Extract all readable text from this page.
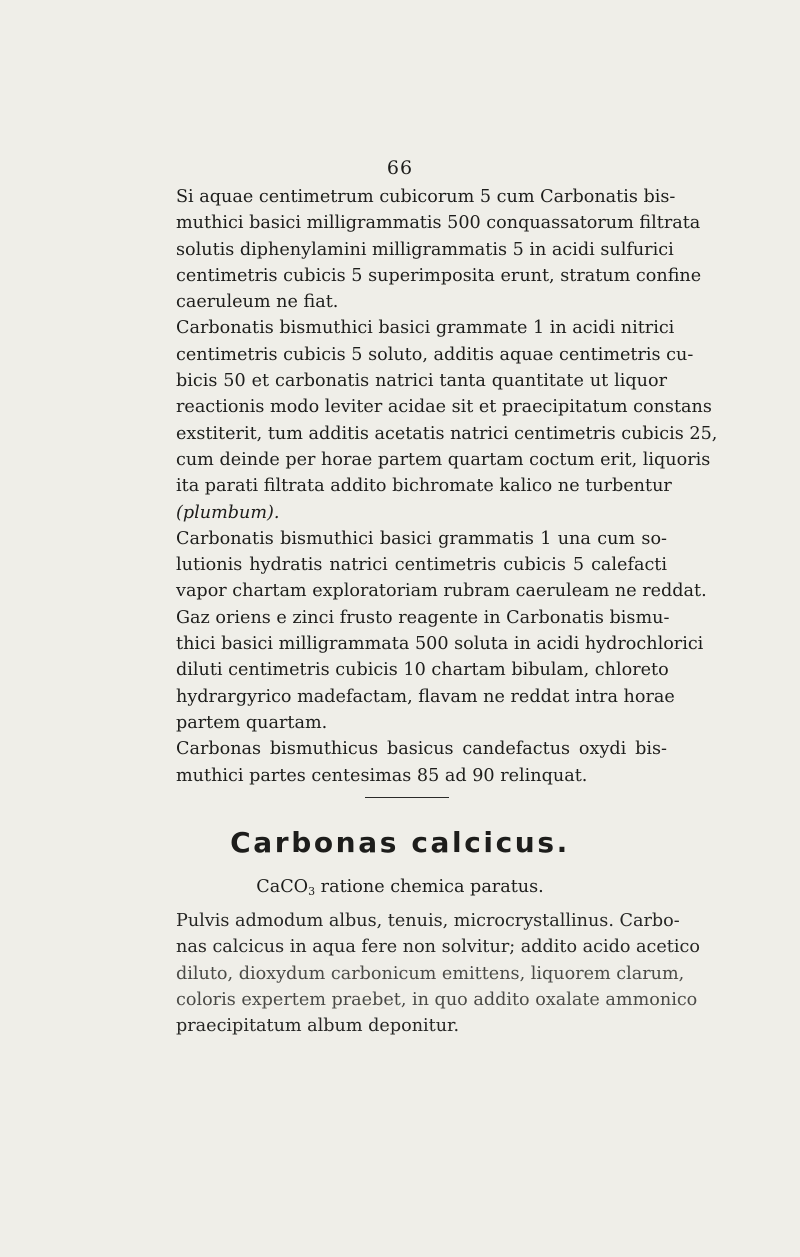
66

Si aquae centimetrum cubicorum 5 cum Carbonatis bis-
muthici basici milligrammatis 500 conquassatorum filtrata
solutis diphenylamini milligrammatis 5 in acidi sulfurici
centimetris cubicis 5 superimposita erunt, stratum confine
caeruleum ne fiat.

Carbonatis bismuthici basici grammate 1 in acidi nitrici
centimetris cubicis 5 soluto, additis aquae centimetris cu-
bicis 50 et carbonatis natrici tanta quantitate ut liquor
reactionis modo leviter acidae sit et praecipitatum constans
exstiterit, tum additis acetatis natrici centimetris cubicis 25,
cum deinde per horae partem quartam coctum erit, liquoris
ita parati filtrata addito bichromate kalico ne turbentur
(plumbum).

Carbonatis bismuthici basici grammatis 1 una cum so-
lutionis hydratis natrici centimetris cubicis 5 calefacti
vapor chartam exploratoriam rubram caeruleam ne reddat.

Gaz oriens e zinci frusto reagente in Carbonatis bismu-
thici basici milligrammata 500 soluta in acidi hydrochlorici
diluti centimetris cubicis 10 chartam bibulam, chloreto
hydrargyrico madefactam, flavam ne reddat intra horae
partem quartam.

Carbonas bismuthicus basicus candefactus oxydi bis-
muthici partes centesimas 85 ad 90 relinquat.

Carbonas calcicus.
CaCO$_3$ ratione chemica paratus.

Pulvis admodum albus, tenuis, microcrystallinus. Carbo-
nas calcicus in aqua fere non solvitur; addito acido acetico
diluto, dioxydum carbonicum emittens, liquorem clarum,
coloris expertem praebet, in quo addito oxalate ammonico
praecipitatum album deponitur.
